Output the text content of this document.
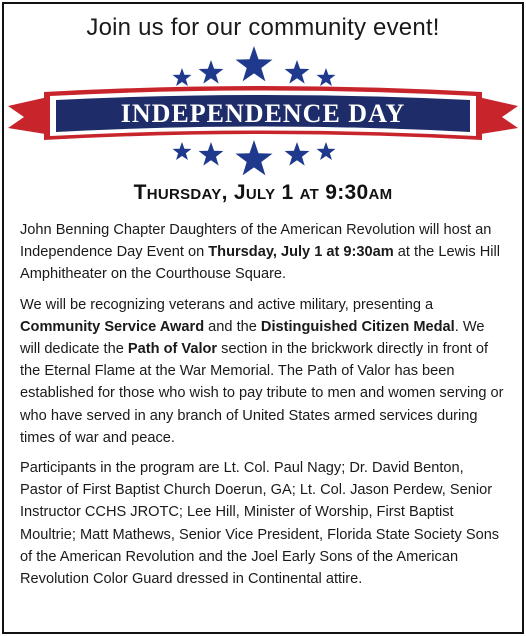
Join us for our community event!
INDEPENDENCE DAY
Thursday, July 1 at 9:30am

John Benning Chapter Daughters of the American Revolution will host an Independence Day Event on Thursday, July 1 at 9:30am at the Lewis Hill Amphitheater on the Courthouse Square.

We will be recognizing veterans and active military, presenting a Community Service Award and the Distinguished Citizen Medal. We will dedicate the Path of Valor section in the brickwork directly in front of the Eternal Flame at the War Memorial. The Path of Valor has been established for those who wish to pay tribute to men and women serving or who have served in any branch of United States armed services during times of war and peace.

Participants in the program are Lt. Col. Paul Nagy; Dr. David Benton, Pastor of First Baptist Church Doerun, GA; Lt. Col. Jason Perdew, Senior Instructor CCHS JROTC; Lee Hill, Minister of Worship, First Baptist Moultrie; Matt Mathews, Senior Vice President, Florida State Society Sons of the American Revolution and the Joel Early Sons of the American Revolution Color Guard dressed in Continental attire.
